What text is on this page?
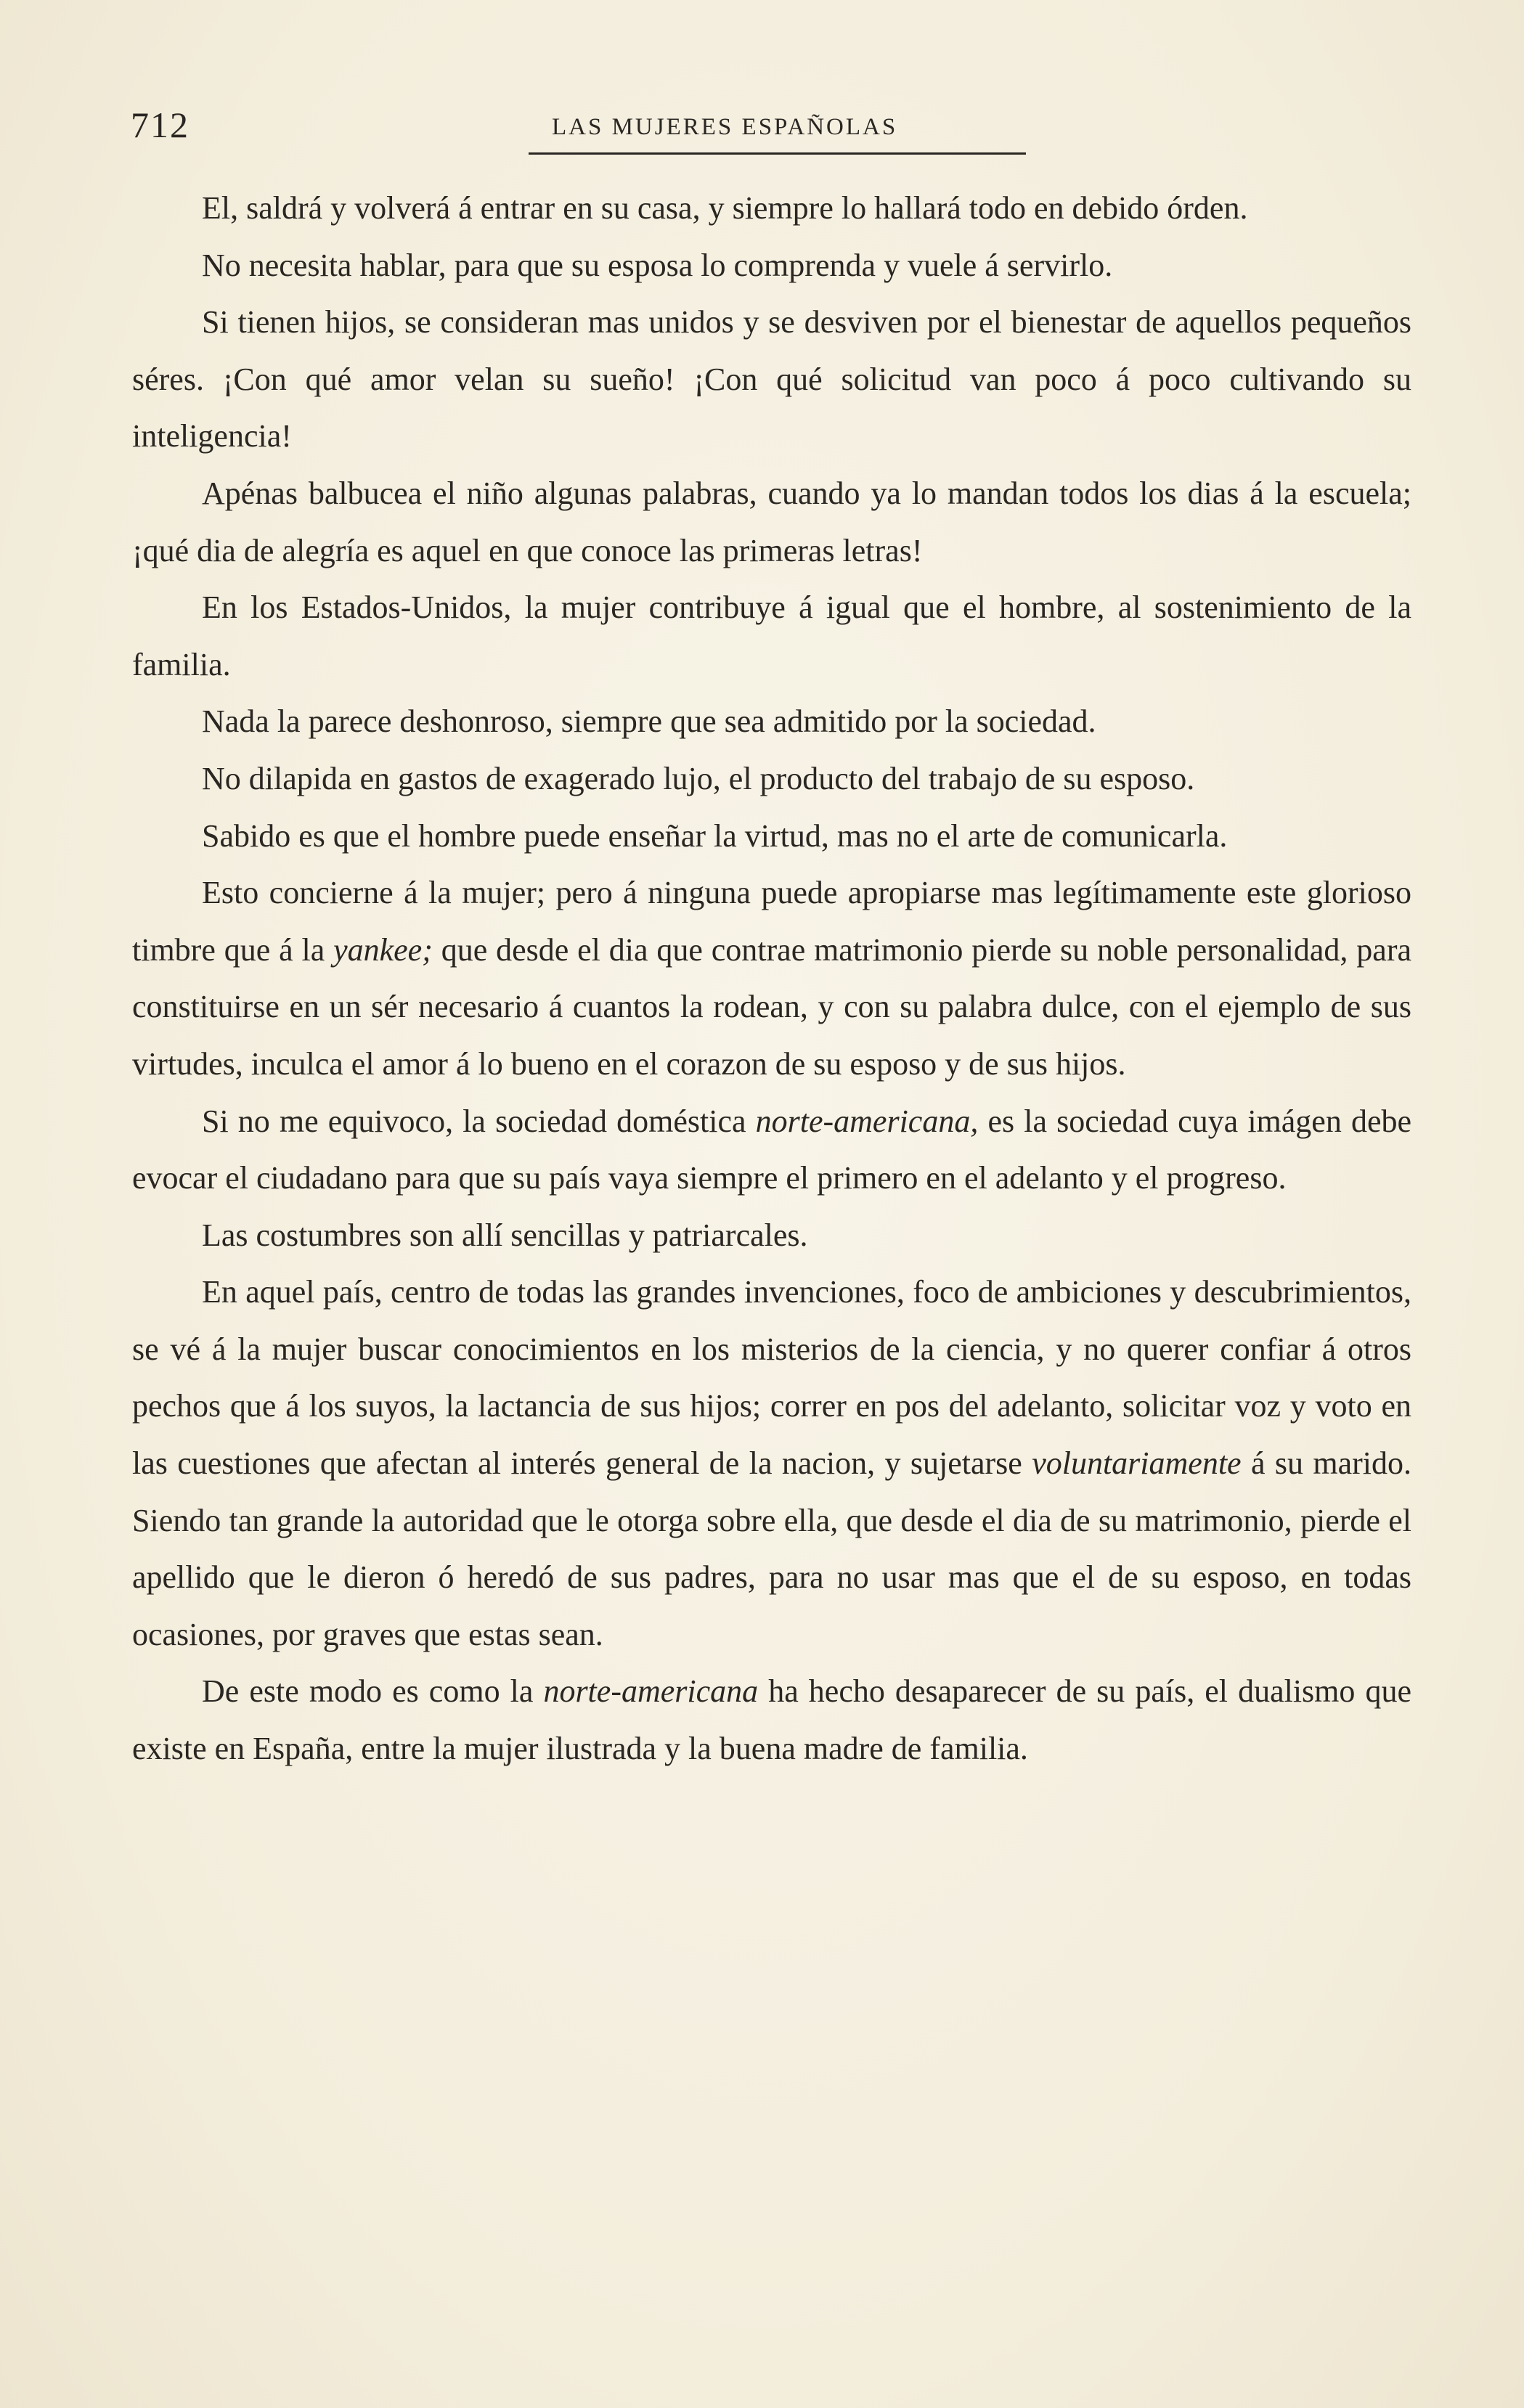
712	LAS MUJERES ESPAÑOLAS

El, saldrá y volverá á entrar en su casa, y siempre lo hallará todo en debido órden.

No necesita hablar, para que su esposa lo comprenda y vuele á servirlo.

Si tienen hijos, se consideran mas unidos y se desviven por el bienestar de aquellos pequeños séres. ¡Con qué amor velan su sueño! ¡Con qué solicitud van poco á poco cultivando su inteligencia!

Apénas balbucea el niño algunas palabras, cuando ya lo mandan todos los dias á la escuela; ¡qué dia de alegría es aquel en que conoce las primeras letras!

En los Estados-Unidos, la mujer contribuye á igual que el hombre, al sostenimiento de la familia.

Nada la parece deshonroso, siempre que sea admitido por la sociedad.

No dilapida en gastos de exagerado lujo, el producto del trabajo de su esposo.

Sabido es que el hombre puede enseñar la virtud, mas no el arte de comunicarla.

Esto concierne á la mujer; pero á ninguna puede apropiarse mas legítimamente este glorioso timbre que á la yankee; que desde el dia que contrae matrimonio pierde su noble personalidad, para constituirse en un sér necesario á cuantos la rodean, y con su palabra dulce, con el ejemplo de sus virtudes, inculca el amor á lo bueno en el corazon de su esposo y de sus hijos.

Si no me equivoco, la sociedad doméstica norte-americana, es la sociedad cuya imágen debe evocar el ciudadano para que su país vaya siempre el primero en el adelanto y el progreso.

Las costumbres son allí sencillas y patriarcales.

En aquel país, centro de todas las grandes invenciones, foco de ambiciones y descubrimientos, se vé á la mujer buscar conocimientos en los misterios de la ciencia, y no querer confiar á otros pechos que á los suyos, la lactancia de sus hijos; correr en pos del adelanto, solicitar voz y voto en las cuestiones que afectan al interés general de la nacion, y sujetarse voluntariamente á su marido. Siendo tan grande la autoridad que le otorga sobre ella, que desde el dia de su matrimonio, pierde el apellido que le dieron ó heredó de sus padres, para no usar mas que el de su esposo, en todas ocasiones, por graves que estas sean.

De este modo es como la norte-americana ha hecho desaparecer de su país, el dualismo que existe en España, entre la mujer ilustrada y la buena madre de familia.
